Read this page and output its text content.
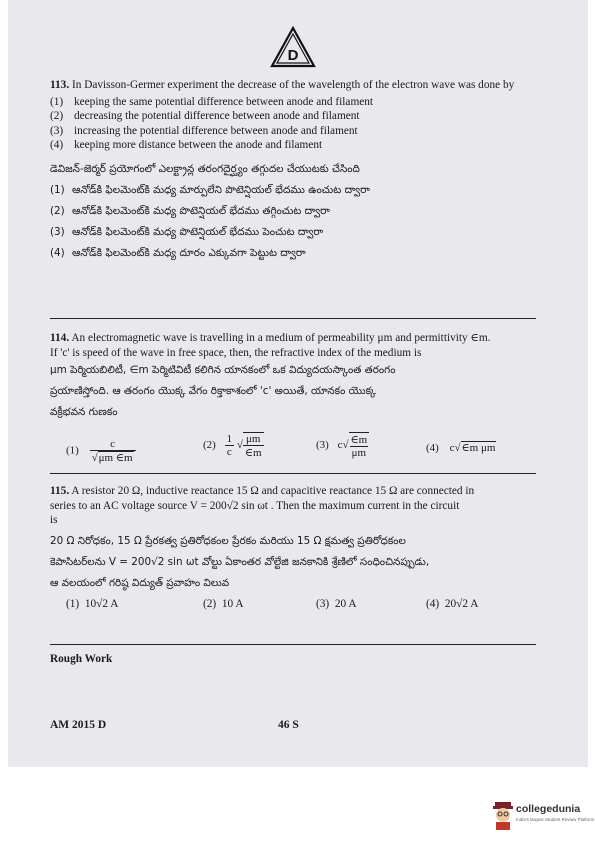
D
113. In Davisson-Germer experiment the decrease of the wavelength of the electron wave was done by
(1) keeping the same potential difference between anode and filament
(2) decreasing the potential difference between anode and filament
(3) increasing the potential difference between anode and filament
(4) keeping more distance between the anode and filament
డెవిజన్-జెర్మర్ ప్రయోగంలో ఎలక్ట్రాన్ల తరంగదైర్ఘ్యం తగ్గుదల చేయుటకు చేసింది
(1) ఆనోడ్‌కి ఫిలమెంట్‌కి మధ్య మార్పులేని పొటెన్షియల్ భేదము ఉంచుట ద్వారా
(2) ఆనోడ్‌కి ఫిలమెంట్‌కి మధ్య పొటెన్షియల్ భేదము తగ్గించుట ద్వారా
(3) ఆనోడ్‌కి ఫిలమెంట్‌కి మధ్య పొటెన్షియల్ భేదము పెంచుట ద్వారా
(4) ఆనోడ్‌కి ఫిలమెంట్‌కి మధ్య దూరం ఎక్కువగా పెట్టుట ద్వారా
114. An electromagnetic wave is travelling in a medium of permeability μm and permittivity ∈m.
If 'c' is speed of the wave in free space, then, the refractive index of the medium is
μm పెర్మియబిలిటీ, ∈m పెర్మిటివిటీ కలిగిన యానకంలో ఒక విద్యుదయస్కాంత తరంగం
ప్రయాణిస్తోంది. ఆ తరంగం యొక్క వేగం రిక్తాకాశంలో 'c' అయితే, యానకం యొక్క
వక్రీభవన గుణకం
$(1) \frac{c}{√\mu m \in m}$	$(2) \frac{1}{c}$ √ $\frac{\mu m}{\in m}$	(3) $c√ \frac{\in m}{\mu m}$	(4) c√∈m μm
115. A resistor 20 Ω, inductive reactance 15 Ω and capacitive reactance 15 Ω are connected in
series to an AC voltage source V = 200√2 sin ωt . Then the maximum current in the circuit
is
20 Ω నిరోధకం, 15 Ω ప్రేరకత్వ ప్రతిరోధకంల ప్రేరకం మరియు 15 Ω క్షమత్వ ప్రతిరోధకంల
కెపాసిటర్‌లను V = 200√2 sin ωt వోల్టు ఏకాంతర వోల్టేజి జనకానికి శ్రేణిలో సంధించినప్పుడు,
ఆ వలయంలో గరిష్ఠ విద్యుత్ ప్రవాహం విలువ
(1) 10√2 A	(2) 10 A	(3) 20 A	(4) 20√2 A
Rough Work
AM 2015 D	46 S
collegedunia
India's largest Student Review Platform
